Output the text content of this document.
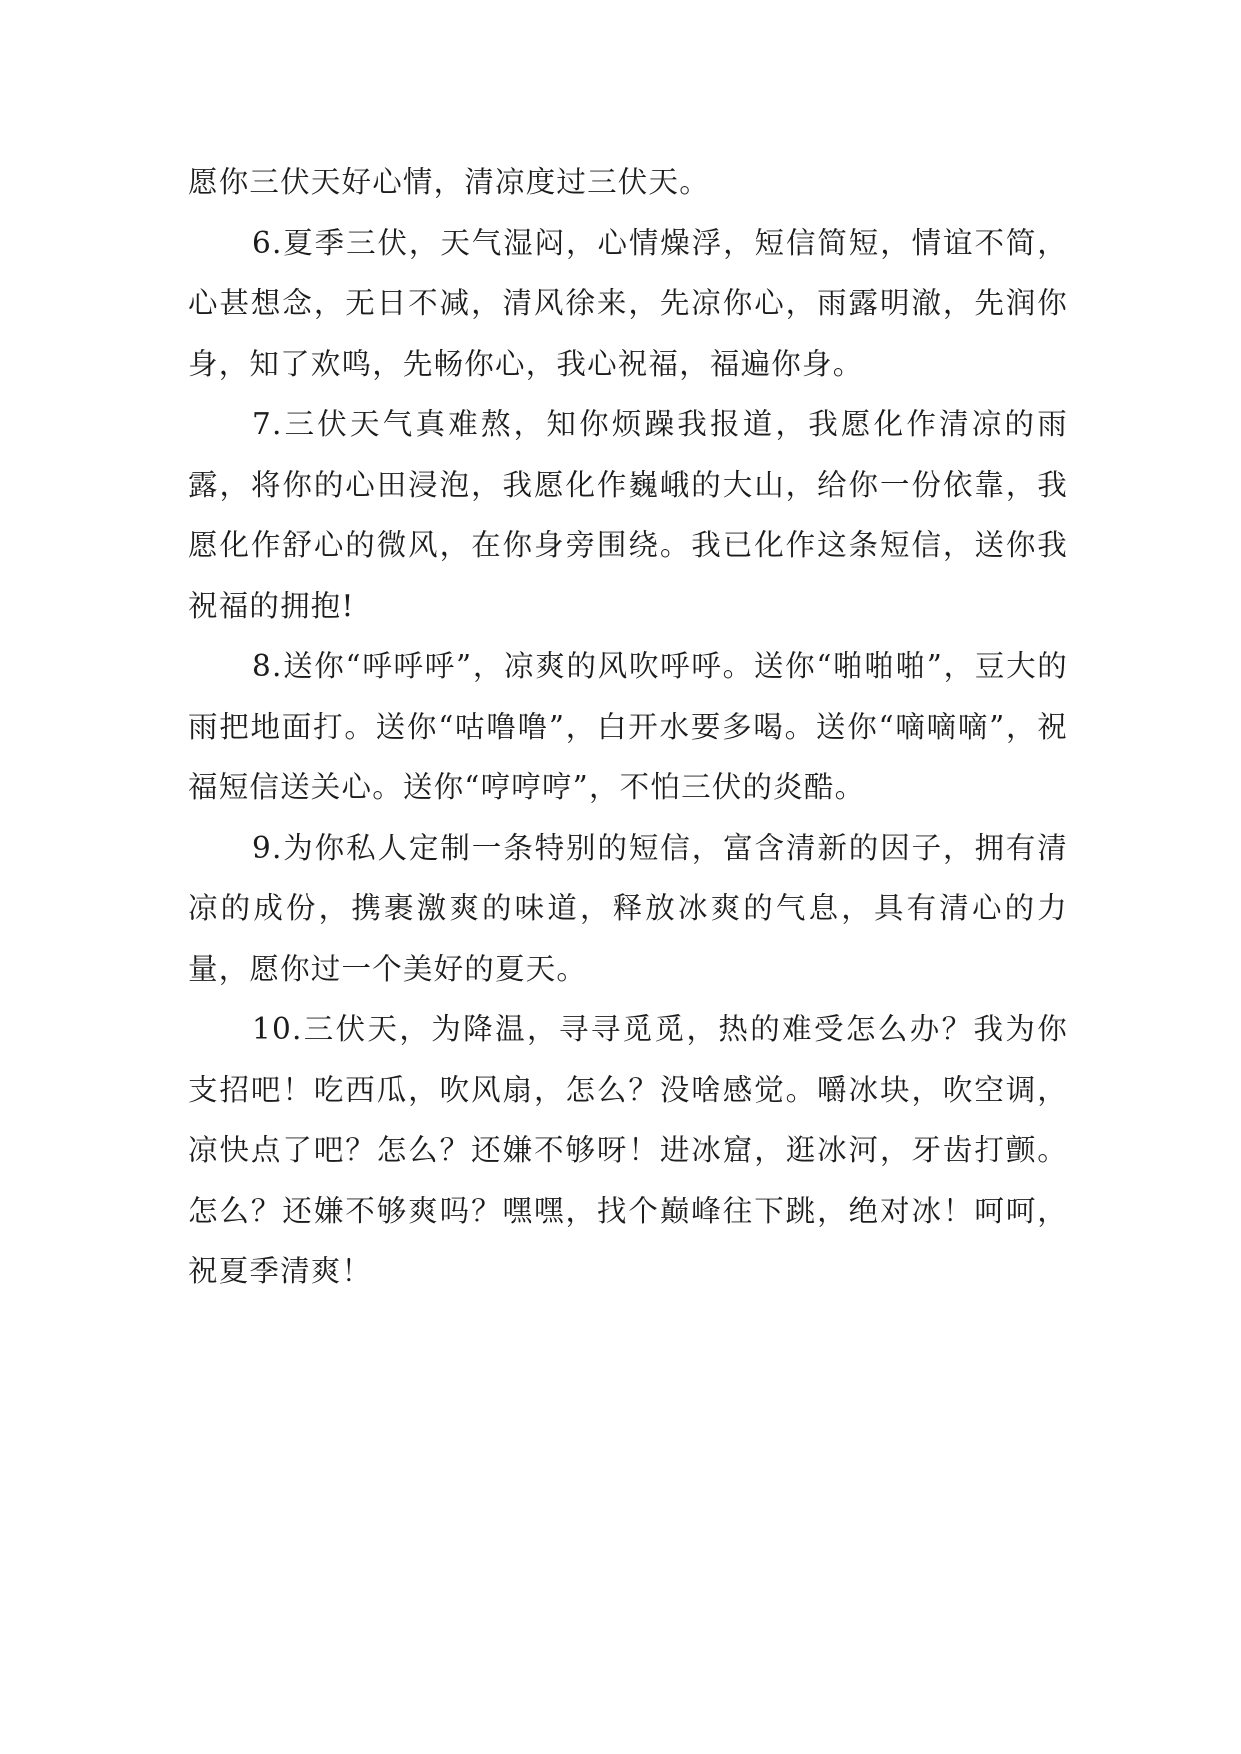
愿你三伏天好心情，清凉度过三伏天。

6.夏季三伏，天气湿闷，心情燥浮，短信简短，情谊不简，心甚想念，无日不减，清风徐来，先凉你心，雨露明澈，先润你身，知了欢鸣，先畅你心，我心祝福，福遍你身。

7.三伏天气真难熬，知你烦躁我报道，我愿化作清凉的雨露，将你的心田浸泡，我愿化作巍峨的大山，给你一份依靠，我愿化作舒心的微风，在你身旁围绕。我已化作这条短信，送你我祝福的拥抱!

8.送你“呼呼呼”，凉爽的风吹呼呼。送你“啪啪啪”，豆大的雨把地面打。送你“咕噜噜”，白开水要多喝。送你“嘀嘀嘀”，祝福短信送关心。送你“哼哼哼”，不怕三伏的炎酷。

9.为你私人定制一条特别的短信，富含清新的因子，拥有清凉的成份，携裹激爽的味道，释放冰爽的气息，具有清心的力量，愿你过一个美好的夏天。

10.三伏天，为降温，寻寻觅觅，热的难受怎么办？我为你支招吧！吃西瓜，吹风扇，怎么？没啥感觉。嚼冰块，吹空调，凉快点了吧？怎么？还嫌不够呀！进冰窟，逛冰河，牙齿打颤。怎么？还嫌不够爽吗？嘿嘿，找个巅峰往下跳，绝对冰！呵呵，祝夏季清爽！
